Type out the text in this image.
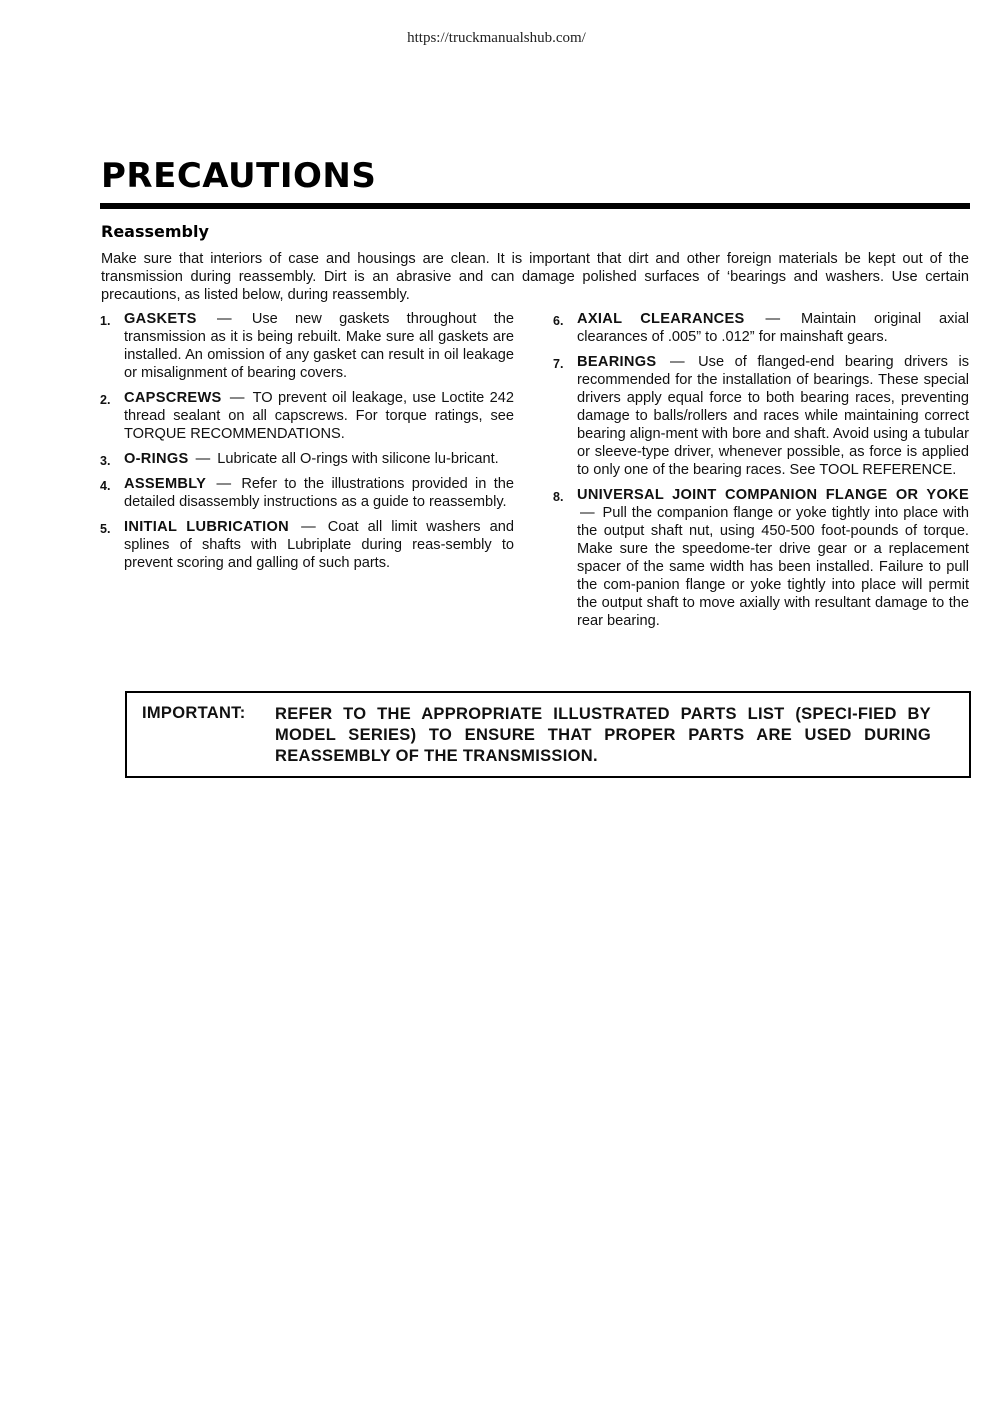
https://truckmanualshub.com/
PRECAUTIONS
Reassembly

Make sure that interiors of case and housings are clean. It is important that dirt and other foreign materials be kept out of the transmission during reassembly. Dirt is an abrasive and can damage polished surfaces of ‘bearings and washers. Use certain precautions, as listed below, during reassembly.

1. GASKETS — Use new gaskets throughout the transmission as it is being rebuilt. Make sure all gaskets are installed. An omission of any gasket can result in oil leakage or misalignment of bearing covers.
2. CAPSCREWS — TO prevent oil leakage, use Loctite 242 thread sealant on all capscrews. For torque ratings, see TORQUE RECOMMENDATIONS.
3. O-RINGS — Lubricate all O-rings with silicone lu-bricant.
4. ASSEMBLY — Refer to the illustrations provided in the detailed disassembly instructions as a guide to reassembly.
5. INITIAL LUBRICATION — Coat all limit washers and splines of shafts with Lubriplate during reas-sembly to prevent scoring and galling of such parts.
6. AXIAL CLEARANCES — Maintain original axial clearances of .005” to .012” for mainshaft gears.
7. BEARINGS — Use of flanged-end bearing drivers is recommended for the installation of bearings. These special drivers apply equal force to both bearing races, preventing damage to balls/rollers and races while maintaining correct bearing align-ment with bore and shaft. Avoid using a tubular or sleeve-type driver, whenever possible, as force is applied to only one of the bearing races. See TOOL REFERENCE.
8. UNIVERSAL JOINT COMPANION FLANGE OR YOKE — Pull the companion flange or yoke tightly into place with the output shaft nut, using 450-500 foot-pounds of torque. Make sure the speedome-ter drive gear or a replacement spacer of the same width has been installed. Failure to pull the com-panion flange or yoke tightly into place will permit the output shaft to move axially with resultant damage to the rear bearing.
IMPORTANT: REFER TO THE APPROPRIATE ILLUSTRATED PARTS LIST (SPECI-FIED BY MODEL SERIES) TO ENSURE THAT PROPER PARTS ARE USED DURING REASSEMBLY OF THE TRANSMISSION.
